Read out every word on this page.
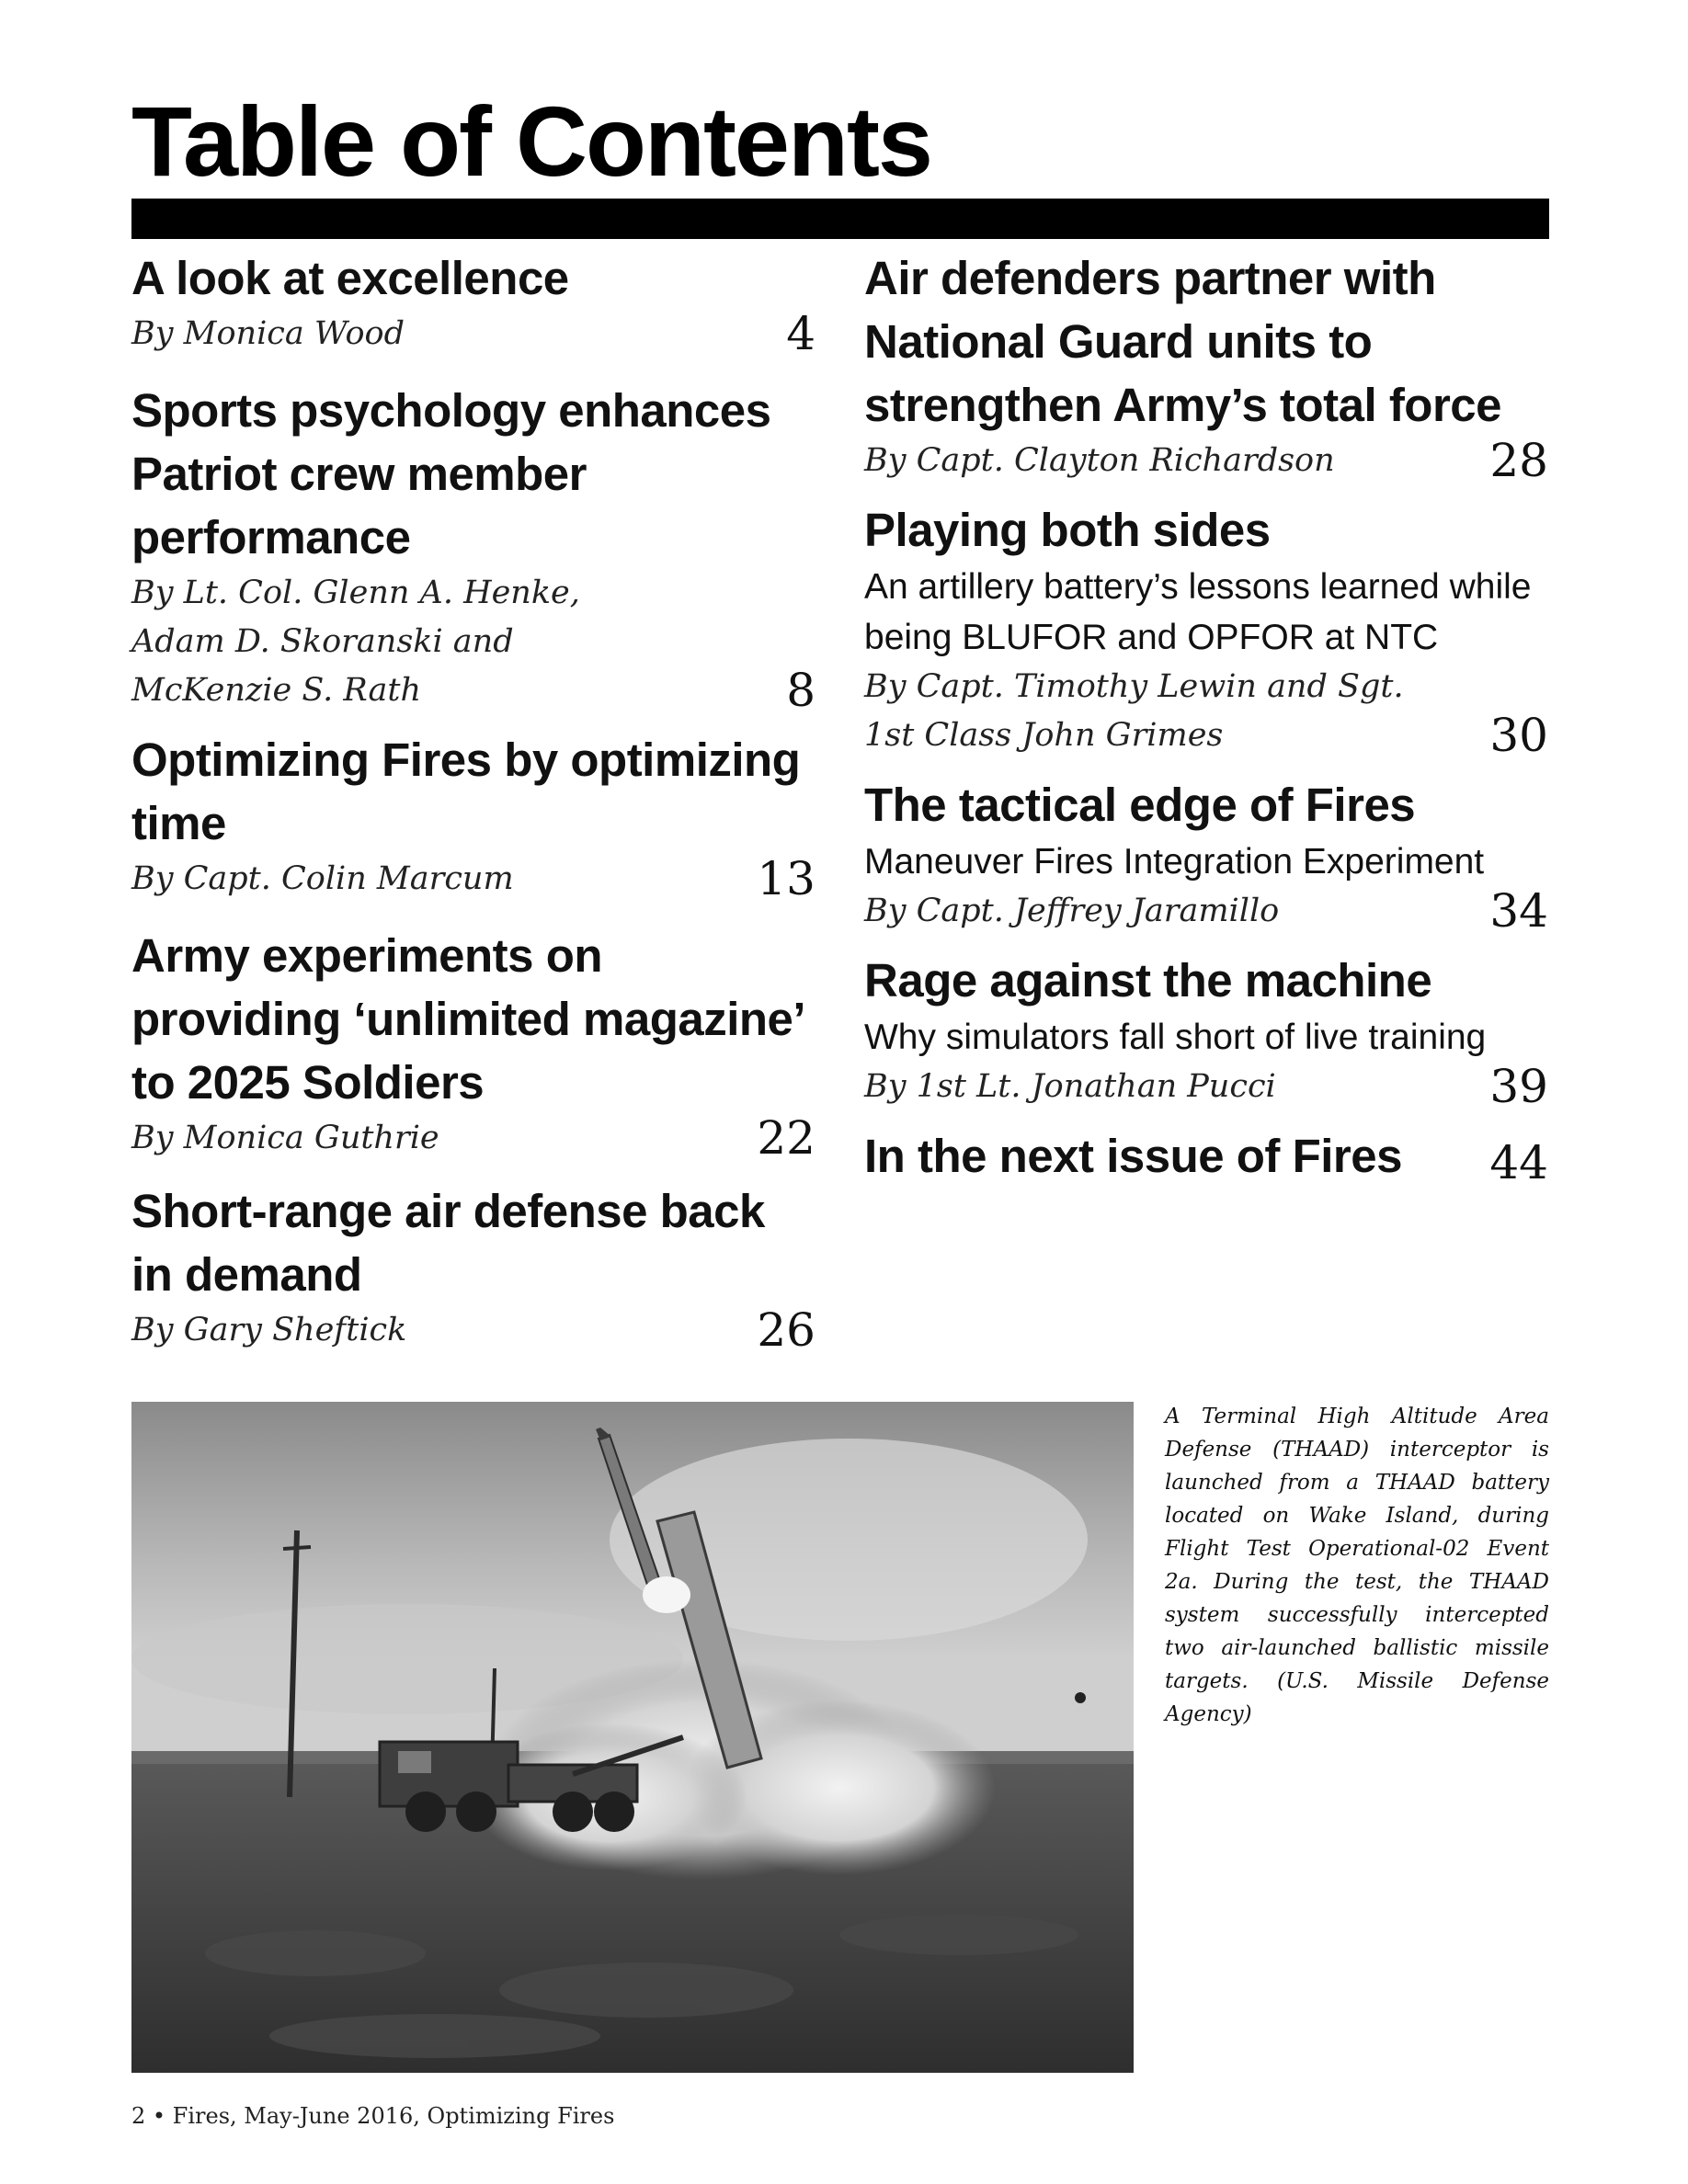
Table of Contents
A look at excellence
By Monica Wood	4
Sports psychology enhances Patriot crew member performance
By Lt. Col. Glenn A. Henke, Adam D. Skoranski and McKenzie S. Rath	8
Optimizing Fires by optimizing time
By Capt. Colin Marcum	13
Army experiments on providing ‘unlimited magazine’ to 2025 Soldiers
By Monica Guthrie	22
Short-range air defense back in demand
By Gary Sheftick	26
Air defenders partner with National Guard units to strengthen Army’s total force
By Capt. Clayton Richardson	28
Playing both sides
An artillery battery’s lessons learned while being BLUFOR and OPFOR at NTC
By Capt. Timothy Lewin and Sgt. 1st Class John Grimes	30
The tactical edge of Fires
Maneuver Fires Integration Experiment
By Capt. Jeffrey Jaramillo	34
Rage against the machine
Why simulators fall short of live training
By 1st Lt. Jonathan Pucci	39
In the next issue of Fires 44
A Terminal High Altitude Area Defense (THAAD) interceptor is launched from a THAAD battery located on Wake Island, during Flight Test Operational-02 Event 2a. During the test, the THAAD system successfully intercepted two air-launched ballistic missile targets. (U.S. Missile Defense Agency)
2 • Fires, May-June 2016, Optimizing Fires
